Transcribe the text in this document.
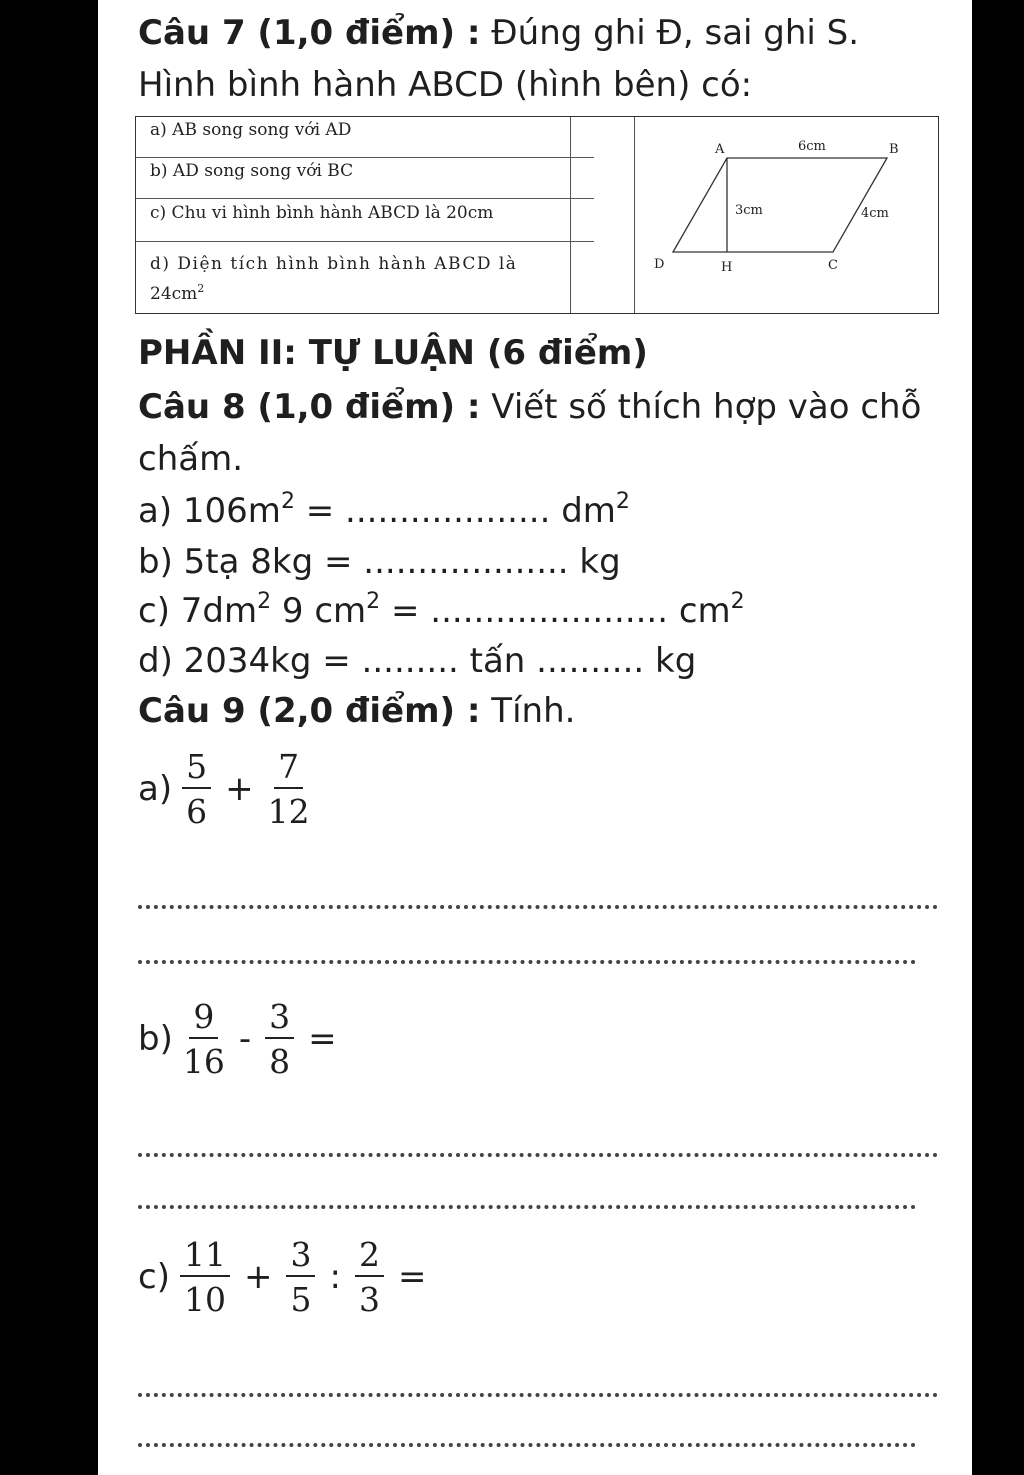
Câu 7 (1,0 điểm) : Đúng ghi Đ, sai ghi S.
Hình bình hành ABCD (hình bên) có:
a) AB song song với AD
b) AD song song với BC
c) Chu vi hình bình hành ABCD là 20cm
d) Diện tích hình bình hành ABCD là
$24cm^2$
A	B
C
D	H
6cm
3cm	4cm
PHẦN II: TỰ LUẬN (6 điểm)
Câu 8 (1,0 điểm) : Viết số thích hợp vào chỗ
chấm.
a) $106m^2$ = ................... $dm^2$
b) 5tạ 8kg = ................... kg
c) $7dm^2$ 9 $cm^2$ = ...................... $cm^2$
d) 2034kg = ......... tấn .......... kg
Câu 9 (2,0 điểm) : Tính.
$a) \frac{5}{6} + \frac{7}{12}$
$b) \frac{9}{16} - \frac{3}{8}$ =
$c) \frac{11}{10} + \frac{3}{5}$ : $\frac{2}{3}$ =
